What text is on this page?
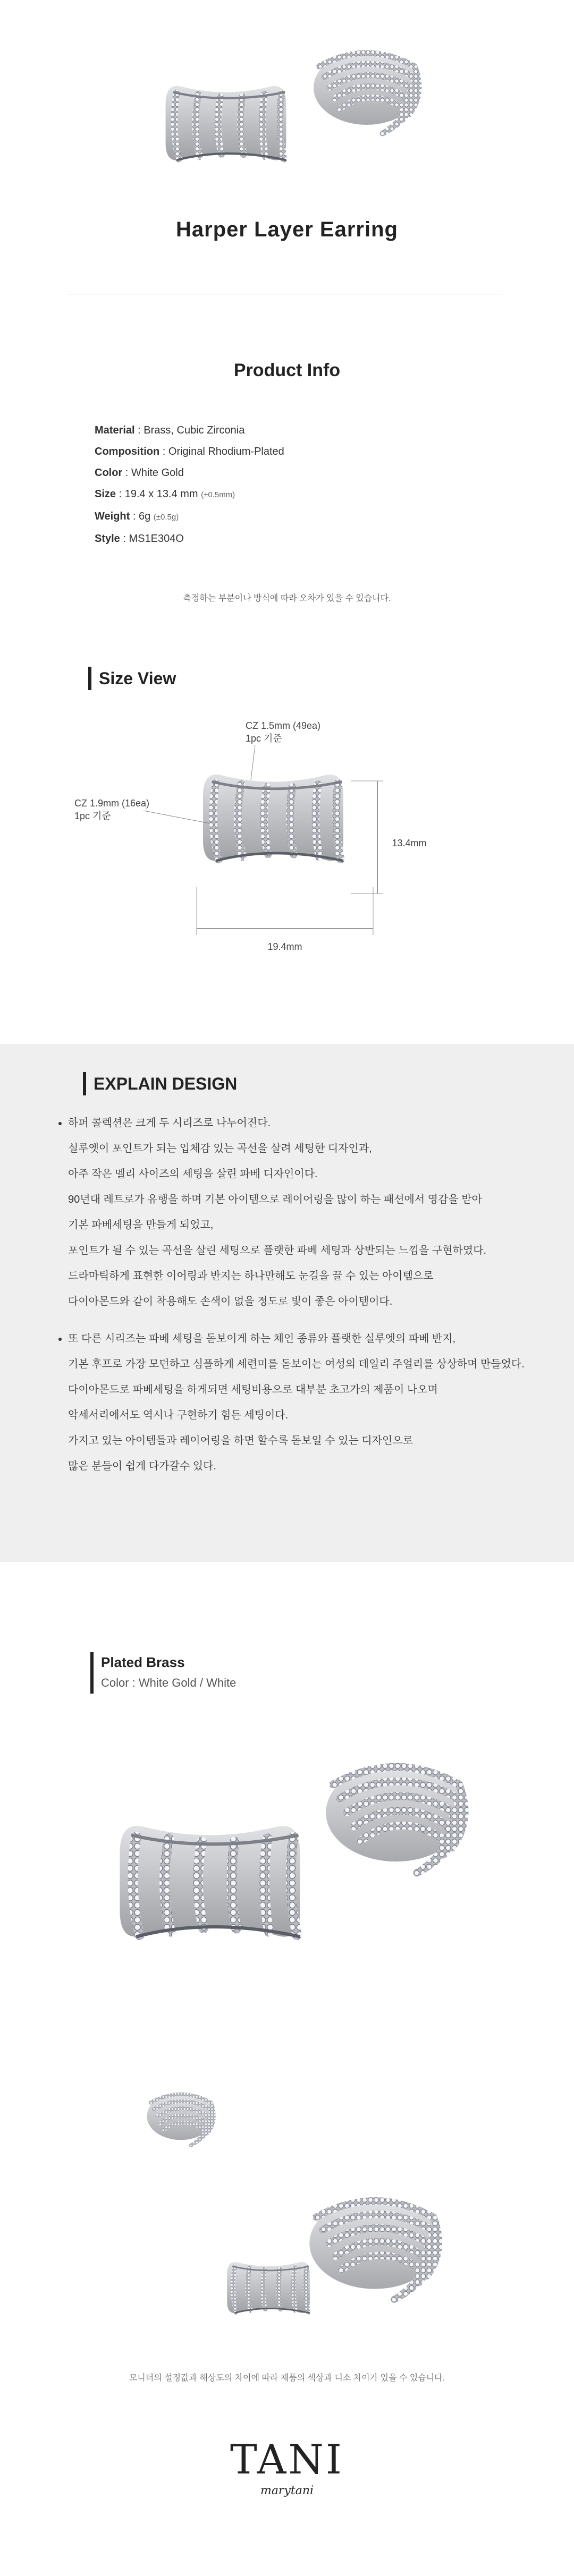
Harper Layer Earring
Product Info
Material : Brass, Cubic Zirconia
Composition : Original Rhodium-Plated
Color : White Gold
Size : 19.4 x 13.4 mm (±0.5mm)
Weight : 6g (±0.5g)
Style : MS1E304O
측정하는 부분이나 방식에 따라 오차가 있을 수 있습니다.
Size View
CZ 1.5mm (49ea)
1pc 기준
CZ 1.9mm (16ea)
1pc 기준
13.4mm
19.4mm
EXPLAIN DESIGN
• 하퍼 콜렉션은 크게 두 시리즈로 나누어진다.
실루엣이 포인트가 되는 입체감 있는 곡선을 살려 세팅한 디자인과,
아주 작은 멜리 사이즈의 세팅을 살린 파베 디자인이다.
90년대 레트로가 유행을 하며 기본 아이템으로 레이어링을 많이 하는 패션에서 영감을 받아
기본 파베세팅을 만들게 되었고,
포인트가 될 수 있는 곡선을 살린 세팅으로 플랫한 파베 세팅과 상반되는 느낌을 구현하였다.
드라마틱하게 표현한 이어링과 반지는 하나만해도 눈길을 끌 수 있는 아이템으로
다이아몬드와 같이 착용해도 손색이 없을 정도로 빛이 좋은 아이템이다.
• 또 다른 시리즈는 파베 세팅을 돋보이게 하는 체인 종류와 플랫한 실루엣의 파베 반지,
기본 후프로 가장 모던하고 심플하게 세련미를 돋보이는 여성의 데일리 주얼리를 상상하며 만들었다.
다이아몬드로 파베세팅을 하게되면 세팅비용으로 대부분 초고가의 제품이 나오며
악세서리에서도 역시나 구현하기 힘든 세팅이다.
가지고 있는 아이템들과 레이어링을 하면 할수록 돋보일 수 있는 디자인으로
많은 분들이 쉽게 다가갈수 있다.
Plated Brass
Color : White Gold / White
모니터의 설정값과 해상도의 차이에 따라 제품의 색상과 디소 차이가 있을 수 있습니다.
TANI
marytani
